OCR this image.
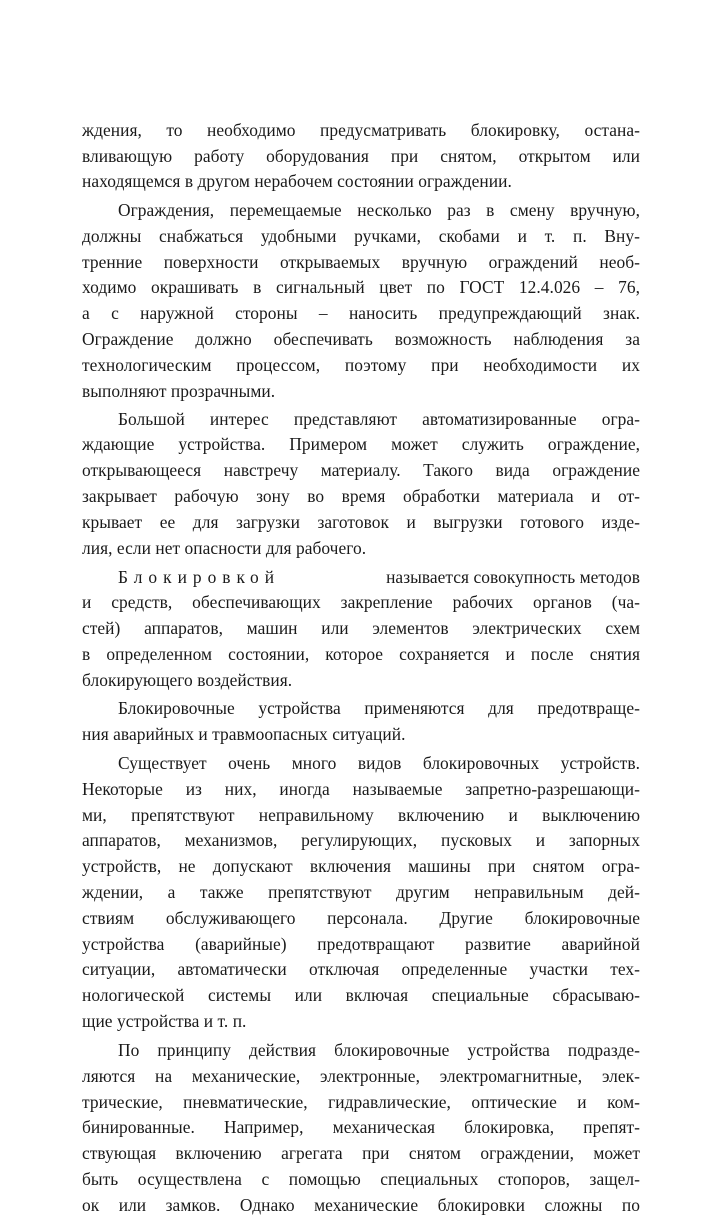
ждения, то необходимо предусматривать блокировку, остана-
вливающую работу оборудования при снятом, открытом или
находящемся в другом нерабочем состоянии ограждении.
Ограждения, перемещаемые несколько раз в смену вручную,
должны снабжаться удобными ручками, скобами и т. п. Вну-
тренние поверхности открываемых вручную ограждений необ-
ходимо окрашивать в сигнальный цвет по ГОСТ 12.4.026 – 76,
а с наружной стороны – наносить предупреждающий знак.
Ограждение должно обеспечивать возможность наблюдения за
технологическим процессом, поэтому при необходимости их
выполняют прозрачными.
Большой интерес представляют автоматизированные огра-
ждающие устройства. Примером может служить ограждение,
открывающееся навстречу материалу. Такого вида ограждение
закрывает рабочую зону во время обработки материала и от-
крывает ее для загрузки заготовок и выгрузки готового изде-
лия, если нет опасности для рабочего.
Блокировкой	называется совокупность методов
и средств, обеспечивающих закрепление рабочих органов (ча-
стей) аппаратов, машин или элементов электрических схем
в определенном состоянии, которое сохраняется и после снятия
блокирующего воздействия.
Блокировочные устройства применяются для предотвраще-
ния аварийных и травмоопасных ситуаций.
Существует очень много видов блокировочных устройств.
Некоторые из них, иногда называемые запретно-разрешающи-
ми, препятствуют неправильному включению и выключению
аппаратов, механизмов, регулирующих, пусковых и запорных
устройств, не допускают включения машины при снятом огра-
ждении, а также препятствуют другим неправильным дей-
ствиям обслуживающего персонала. Другие блокировочные
устройства (аварийные) предотвращают развитие аварийной
ситуации, автоматически отключая определенные участки тех-
нологической системы или включая специальные сбрасываю-
щие устройства и т. п.
По принципу действия блокировочные устройства подразде-
ляются на механические, электронные, электромагнитные, элек-
трические, пневматические, гидравлические, оптические и ком-
бинированные. Например, механическая блокировка, препят-
ствующая включению агрегата при снятом ограждении, может
быть осуществлена с помощью специальных стопоров, защел-
ок или замков. Однако механические блокировки сложны по
